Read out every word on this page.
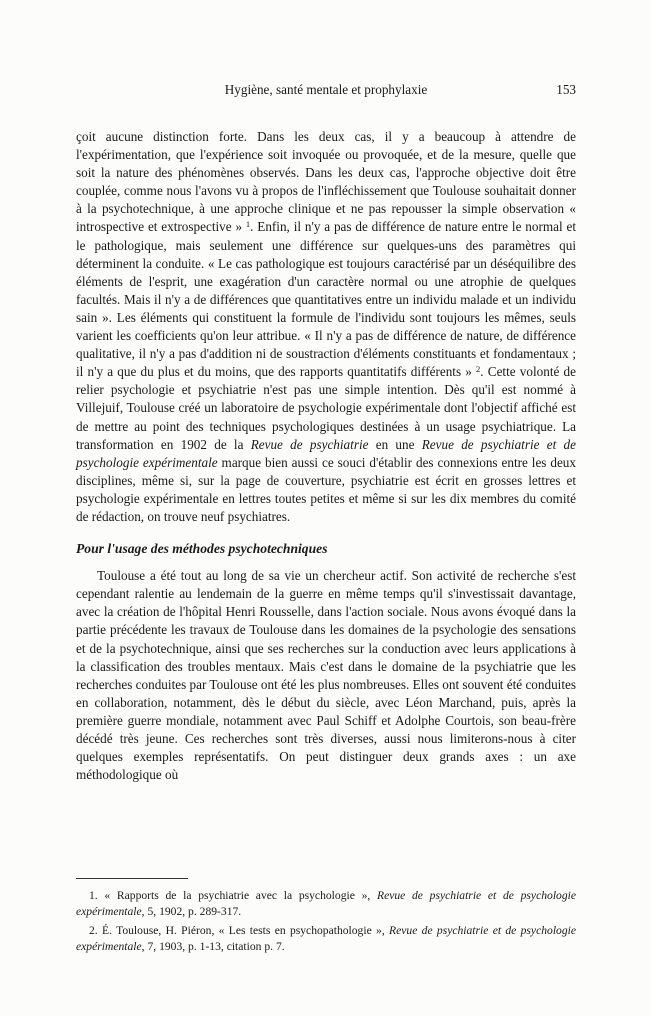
Hygiène, santé mentale et prophylaxie	153

çoit aucune distinction forte. Dans les deux cas, il y a beaucoup à attendre de l'expérimentation, que l'expérience soit invoquée ou provoquée, et de la mesure, quelle que soit la nature des phénomènes observés. Dans les deux cas, l'approche objective doit être couplée, comme nous l'avons vu à propos de l'infléchissement que Toulouse souhaitait donner à la psychotechnique, à une approche clinique et ne pas repousser la simple observation « introspective et extrospective » $^1$. Enfin, il n'y a pas de différence de nature entre le normal et le pathologique, mais seulement une différence sur quelques-uns des paramètres qui déterminent la conduite. « Le cas pathologique est toujours caractérisé par un déséquilibre des éléments de l'esprit, une exagération d'un caractère normal ou une atrophie de quelques facultés. Mais il n'y a de différences que quantitatives entre un individu malade et un individu sain ». Les éléments qui constituent la formule de l'individu sont toujours les mêmes, seuls varient les coefficients qu'on leur attribue. « Il n'y a pas de différence de nature, de différence qualitative, il n'y a pas d'addition ni de soustraction d'éléments constituants et fondamentaux ; il n'y a que du plus et du moins, que des rapports quantitatifs différents » $^2$. Cette volonté de relier psychologie et psychiatrie n'est pas une simple intention. Dès qu'il est nommé à Villejuif, Toulouse créé un laboratoire de psychologie expérimentale dont l'objectif affiché est de mettre au point des techniques psychologiques destinées à un usage psychiatrique. La transformation en 1902 de la Revue de psychiatrie en une Revue de psychiatrie et de psychologie expérimentale marque bien aussi ce souci d'établir des connexions entre les deux disciplines, même si, sur la page de couverture, psychiatrie est écrit en grosses lettres et psychologie expérimentale en lettres toutes petites et même si sur les dix membres du comité de rédaction, on trouve neuf psychiatres.

Pour l'usage des méthodes psychotechniques

Toulouse a été tout au long de sa vie un chercheur actif. Son activité de recherche s'est cependant ralentie au lendemain de la guerre en même temps qu'il s'investissait davantage, avec la création de l'hôpital Henri Rousselle, dans l'action sociale. Nous avons évoqué dans la partie précédente les travaux de Toulouse dans les domaines de la psychologie des sensations et de la psychotechnique, ainsi que ses recherches sur la conduction avec leurs applications à la classification des troubles mentaux. Mais c'est dans le domaine de la psychiatrie que les recherches conduites par Toulouse ont été les plus nombreuses. Elles ont souvent été conduites en collaboration, notamment, dès le début du siècle, avec Léon Marchand, puis, après la première guerre mondiale, notamment avec Paul Schiff et Adolphe Courtois, son beau-frère décédé très jeune. Ces recherches sont très diverses, aussi nous limiterons-nous à citer quelques exemples représentatifs. On peut distinguer deux grands axes : un axe méthodologique où

1. « Rapports de la psychiatrie avec la psychologie », Revue de psychiatrie et de psychologie expérimentale, 5, 1902, p. 289-317.

2. É. Toulouse, H. Piéron, « Les tests en psychopathologie », Revue de psychiatrie et de psychologie expérimentale, 7, 1903, p. 1-13, citation p. 7.
